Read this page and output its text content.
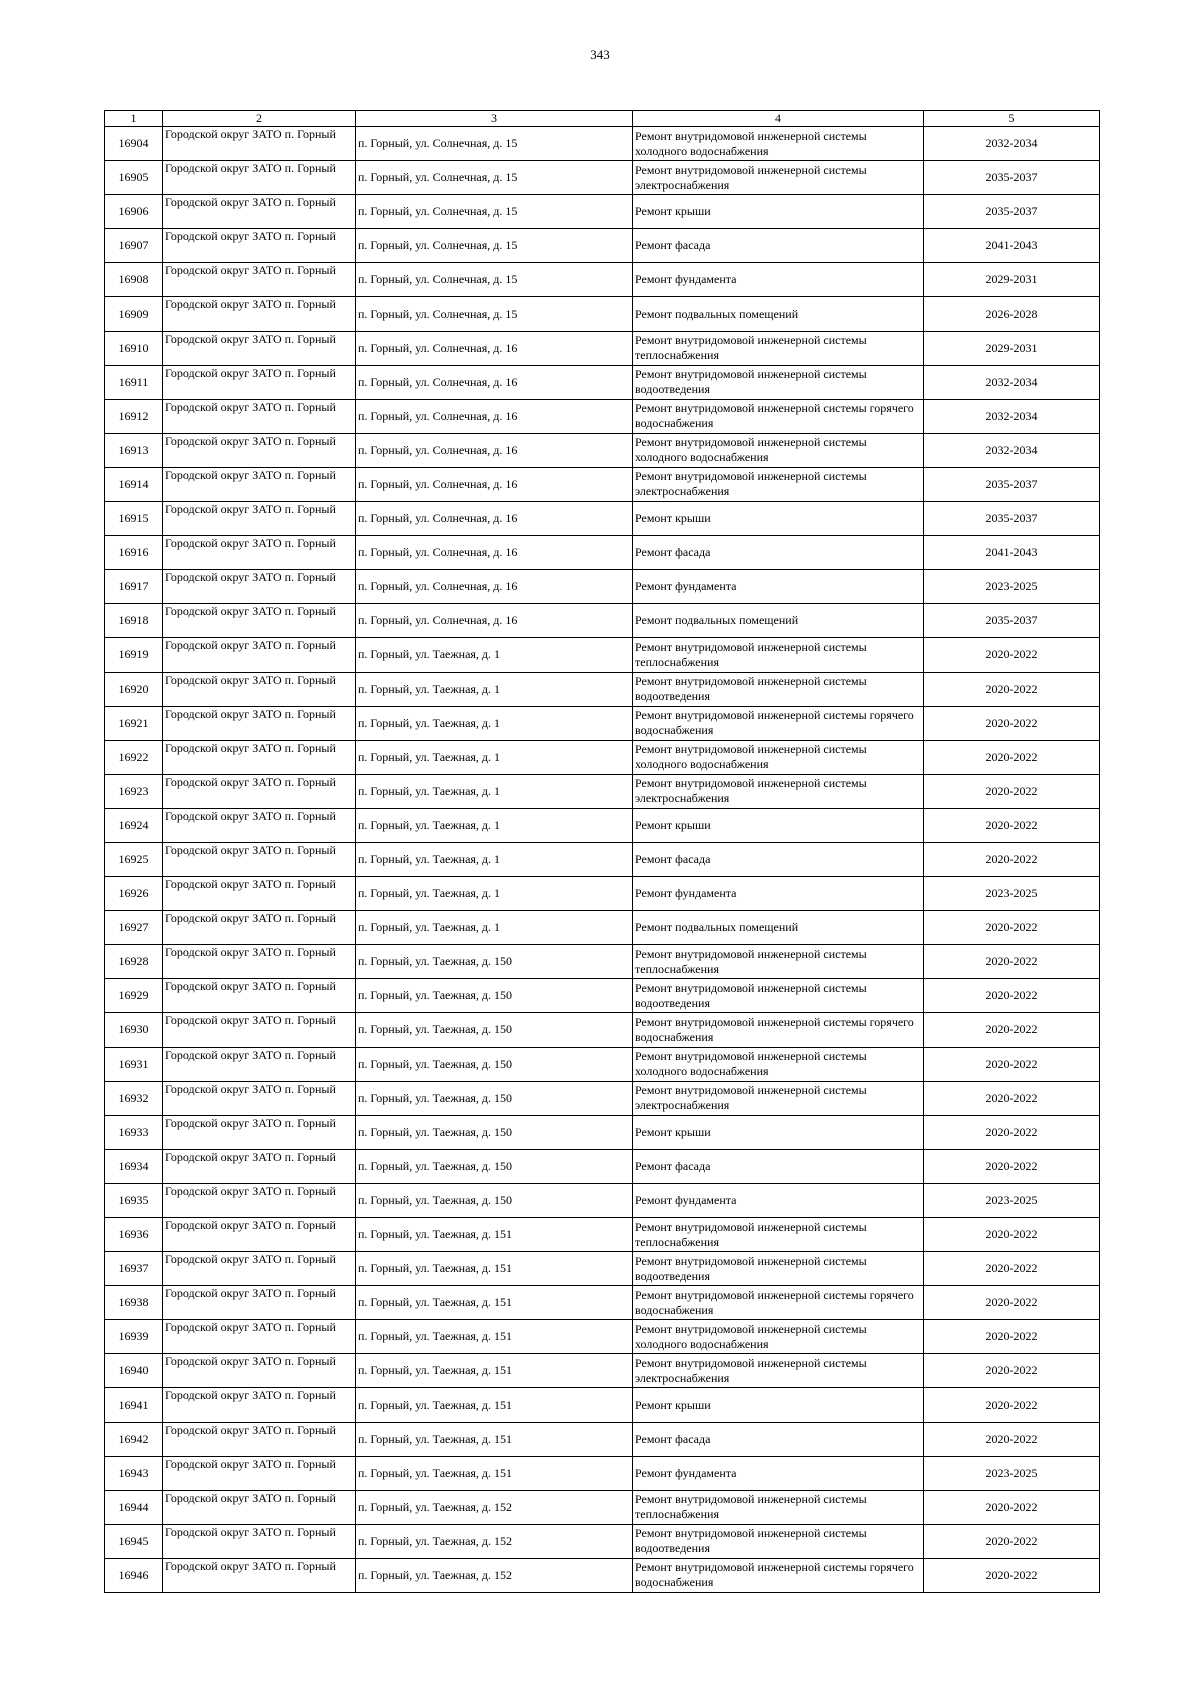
343
1	2	3	4	5
16904	Городской округ ЗАТО п. Горный	п. Горный, ул. Солнечная, д. 15	Ремонт внутридомовой инженерной системы холодного водоснабжения	2032-2034
16905	Городской округ ЗАТО п. Горный	п. Горный, ул. Солнечная, д. 15	Ремонт внутридомовой инженерной системы электроснабжения	2035-2037
16906	Городской округ ЗАТО п. Горный	п. Горный, ул. Солнечная, д. 15	Ремонт крыши	2035-2037
16907	Городской округ ЗАТО п. Горный	п. Горный, ул. Солнечная, д. 15	Ремонт фасада	2041-2043
16908	Городской округ ЗАТО п. Горный	п. Горный, ул. Солнечная, д. 15	Ремонт фундамента	2029-2031
16909	Городской округ ЗАТО п. Горный	п. Горный, ул. Солнечная, д. 15	Ремонт подвальных помещений	2026-2028
16910	Городской округ ЗАТО п. Горный	п. Горный, ул. Солнечная, д. 16	Ремонт внутридомовой инженерной системы теплоснабжения	2029-2031
16911	Городской округ ЗАТО п. Горный	п. Горный, ул. Солнечная, д. 16	Ремонт внутридомовой инженерной системы водоотведения	2032-2034
16912	Городской округ ЗАТО п. Горный	п. Горный, ул. Солнечная, д. 16	Ремонт внутридомовой инженерной системы горячего водоснабжения	2032-2034
16913	Городской округ ЗАТО п. Горный	п. Горный, ул. Солнечная, д. 16	Ремонт внутридомовой инженерной системы холодного водоснабжения	2032-2034
16914	Городской округ ЗАТО п. Горный	п. Горный, ул. Солнечная, д. 16	Ремонт внутридомовой инженерной системы электроснабжения	2035-2037
16915	Городской округ ЗАТО п. Горный	п. Горный, ул. Солнечная, д. 16	Ремонт крыши	2035-2037
16916	Городской округ ЗАТО п. Горный	п. Горный, ул. Солнечная, д. 16	Ремонт фасада	2041-2043
16917	Городской округ ЗАТО п. Горный	п. Горный, ул. Солнечная, д. 16	Ремонт фундамента	2023-2025
16918	Городской округ ЗАТО п. Горный	п. Горный, ул. Солнечная, д. 16	Ремонт подвальных помещений	2035-2037
16919	Городской округ ЗАТО п. Горный	п. Горный, ул. Таежная, д. 1	Ремонт внутридомовой инженерной системы теплоснабжения	2020-2022
16920	Городской округ ЗАТО п. Горный	п. Горный, ул. Таежная, д. 1	Ремонт внутридомовой инженерной системы водоотведения	2020-2022
16921	Городской округ ЗАТО п. Горный	п. Горный, ул. Таежная, д. 1	Ремонт внутридомовой инженерной системы горячего водоснабжения	2020-2022
16922	Городской округ ЗАТО п. Горный	п. Горный, ул. Таежная, д. 1	Ремонт внутридомовой инженерной системы холодного водоснабжения	2020-2022
16923	Городской округ ЗАТО п. Горный	п. Горный, ул. Таежная, д. 1	Ремонт внутридомовой инженерной системы электроснабжения	2020-2022
16924	Городской округ ЗАТО п. Горный	п. Горный, ул. Таежная, д. 1	Ремонт крыши	2020-2022
16925	Городской округ ЗАТО п. Горный	п. Горный, ул. Таежная, д. 1	Ремонт фасада	2020-2022
16926	Городской округ ЗАТО п. Горный	п. Горный, ул. Таежная, д. 1	Ремонт фундамента	2023-2025
16927	Городской округ ЗАТО п. Горный	п. Горный, ул. Таежная, д. 1	Ремонт подвальных помещений	2020-2022
16928	Городской округ ЗАТО п. Горный	п. Горный, ул. Таежная, д. 150	Ремонт внутридомовой инженерной системы теплоснабжения	2020-2022
16929	Городской округ ЗАТО п. Горный	п. Горный, ул. Таежная, д. 150	Ремонт внутридомовой инженерной системы водоотведения	2020-2022
16930	Городской округ ЗАТО п. Горный	п. Горный, ул. Таежная, д. 150	Ремонт внутридомовой инженерной системы горячего водоснабжения	2020-2022
16931	Городской округ ЗАТО п. Горный	п. Горный, ул. Таежная, д. 150	Ремонт внутридомовой инженерной системы холодного водоснабжения	2020-2022
16932	Городской округ ЗАТО п. Горный	п. Горный, ул. Таежная, д. 150	Ремонт внутридомовой инженерной системы электроснабжения	2020-2022
16933	Городской округ ЗАТО п. Горный	п. Горный, ул. Таежная, д. 150	Ремонт крыши	2020-2022
16934	Городской округ ЗАТО п. Горный	п. Горный, ул. Таежная, д. 150	Ремонт фасада	2020-2022
16935	Городской округ ЗАТО п. Горный	п. Горный, ул. Таежная, д. 150	Ремонт фундамента	2023-2025
16936	Городской округ ЗАТО п. Горный	п. Горный, ул. Таежная, д. 151	Ремонт внутридомовой инженерной системы теплоснабжения	2020-2022
16937	Городской округ ЗАТО п. Горный	п. Горный, ул. Таежная, д. 151	Ремонт внутридомовой инженерной системы водоотведения	2020-2022
16938	Городской округ ЗАТО п. Горный	п. Горный, ул. Таежная, д. 151	Ремонт внутридомовой инженерной системы горячего водоснабжения	2020-2022
16939	Городской округ ЗАТО п. Горный	п. Горный, ул. Таежная, д. 151	Ремонт внутридомовой инженерной системы холодного водоснабжения	2020-2022
16940	Городской округ ЗАТО п. Горный	п. Горный, ул. Таежная, д. 151	Ремонт внутридомовой инженерной системы электроснабжения	2020-2022
16941	Городской округ ЗАТО п. Горный	п. Горный, ул. Таежная, д. 151	Ремонт крыши	2020-2022
16942	Городской округ ЗАТО п. Горный	п. Горный, ул. Таежная, д. 151	Ремонт фасада	2020-2022
16943	Городской округ ЗАТО п. Горный	п. Горный, ул. Таежная, д. 151	Ремонт фундамента	2023-2025
16944	Городской округ ЗАТО п. Горный	п. Горный, ул. Таежная, д. 152	Ремонт внутридомовой инженерной системы теплоснабжения	2020-2022
16945	Городской округ ЗАТО п. Горный	п. Горный, ул. Таежная, д. 152	Ремонт внутридомовой инженерной системы водоотведения	2020-2022
16946	Городской округ ЗАТО п. Горный	п. Горный, ул. Таежная, д. 152	Ремонт внутридомовой инженерной системы горячего водоснабжения	2020-2022
